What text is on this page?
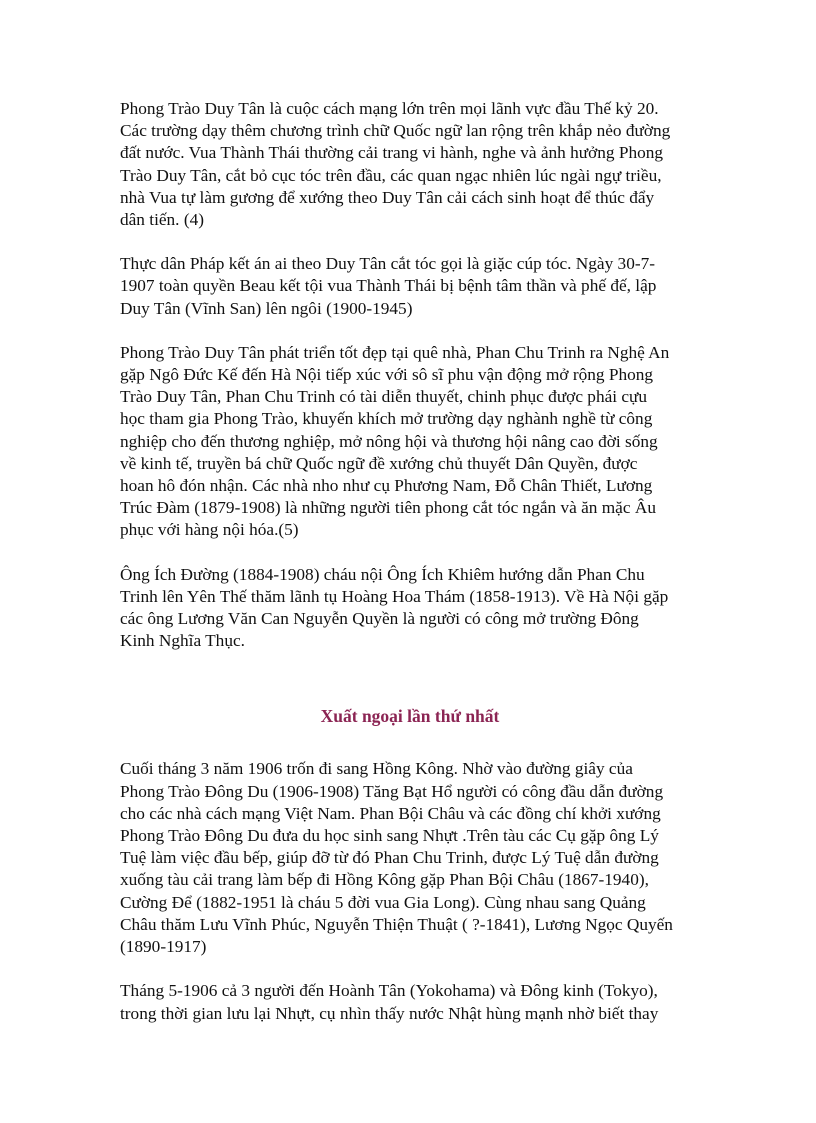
Phong Trào Duy Tân là cuộc cách mạng lớn trên mọi lãnh vực đầu Thế kỷ 20.
Các trường dạy thêm chương trình chữ Quốc ngữ lan rộng trên khắp nẻo đường
đất nước. Vua Thành Thái thường cải trang vi hành, nghe và ảnh hưởng Phong
Trào Duy Tân, cắt bỏ cục tóc trên đầu, các quan ngạc nhiên lúc ngài ngự triều,
nhà Vua tự làm gương để xướng theo Duy Tân cải cách sinh hoạt để thúc đẩy
dân tiến. (4)

Thực dân Pháp kết án ai theo Duy Tân cắt tóc gọi là giặc cúp tóc. Ngày 30-7-
1907 toàn quyền Beau kết tội vua Thành Thái bị bệnh tâm thần và phế đế, lập
Duy Tân (Vĩnh San) lên ngôi (1900-1945)

Phong Trào Duy Tân phát triển tốt đẹp tại quê nhà, Phan Chu Trinh ra Nghệ An
gặp Ngô Đức Kế đến Hà Nội tiếp xúc với sô sĩ phu vận động mở rộng Phong
Trào Duy Tân, Phan Chu Trinh có tài diễn thuyết, chinh phục được phái cựu
học tham gia Phong Trào, khuyến khích mở trường dạy nghành nghề từ công
nghiệp cho đến thương nghiệp, mở nông hội và thương hội nâng cao đời sống
về kinh tế, truyền bá chữ Quốc ngữ đề xướng chủ thuyết Dân Quyền, được
hoan hô đón nhận. Các nhà nho như cụ Phương Nam, Đỗ Chân Thiết, Lương
Trúc Đàm (1879-1908) là những người tiên phong cắt tóc ngắn và ăn mặc Âu
phục với hàng nội hóa.(5)

Ông Ích Đường (1884-1908) cháu nội Ông Ích Khiêm hướng dẫn Phan Chu
Trinh lên Yên Thế thăm lãnh tụ Hoàng Hoa Thám (1858-1913). Về Hà Nội gặp
các ông Lương Văn Can Nguyễn Quyền là người có công mở trường Đông
Kinh Nghĩa Thục.

Xuất ngoại lần thứ nhất

Cuối tháng 3 năm 1906 trốn đi sang Hồng Kông. Nhờ vào đường giây của
Phong Trào Đông Du (1906-1908) Tăng Bạt Hổ người có công đầu dẫn đường
cho các nhà cách mạng Việt Nam. Phan Bội Châu và các đồng chí khởi xướng
Phong Trào Đông Du đưa du học sinh sang Nhựt .Trên tàu các Cụ gặp ông Lý
Tuệ làm việc đầu bếp, giúp đỡ từ đó Phan Chu Trinh, được Lý Tuệ dẫn đường
xuống tàu cải trang làm bếp đi Hồng Kông gặp Phan Bội Châu (1867-1940),
Cường Để (1882-1951 là cháu 5 đời vua Gia Long). Cùng nhau sang Quảng
Châu thăm Lưu Vĩnh Phúc, Nguyễn Thiện Thuật ( ?-1841), Lương Ngọc Quyến
(1890-1917)

Tháng 5-1906 cả 3 người đến Hoành Tân (Yokohama) và Đông kinh (Tokyo),
trong thời gian lưu lại Nhựt, cụ nhìn thấy nước Nhật hùng mạnh nhờ biết thay
